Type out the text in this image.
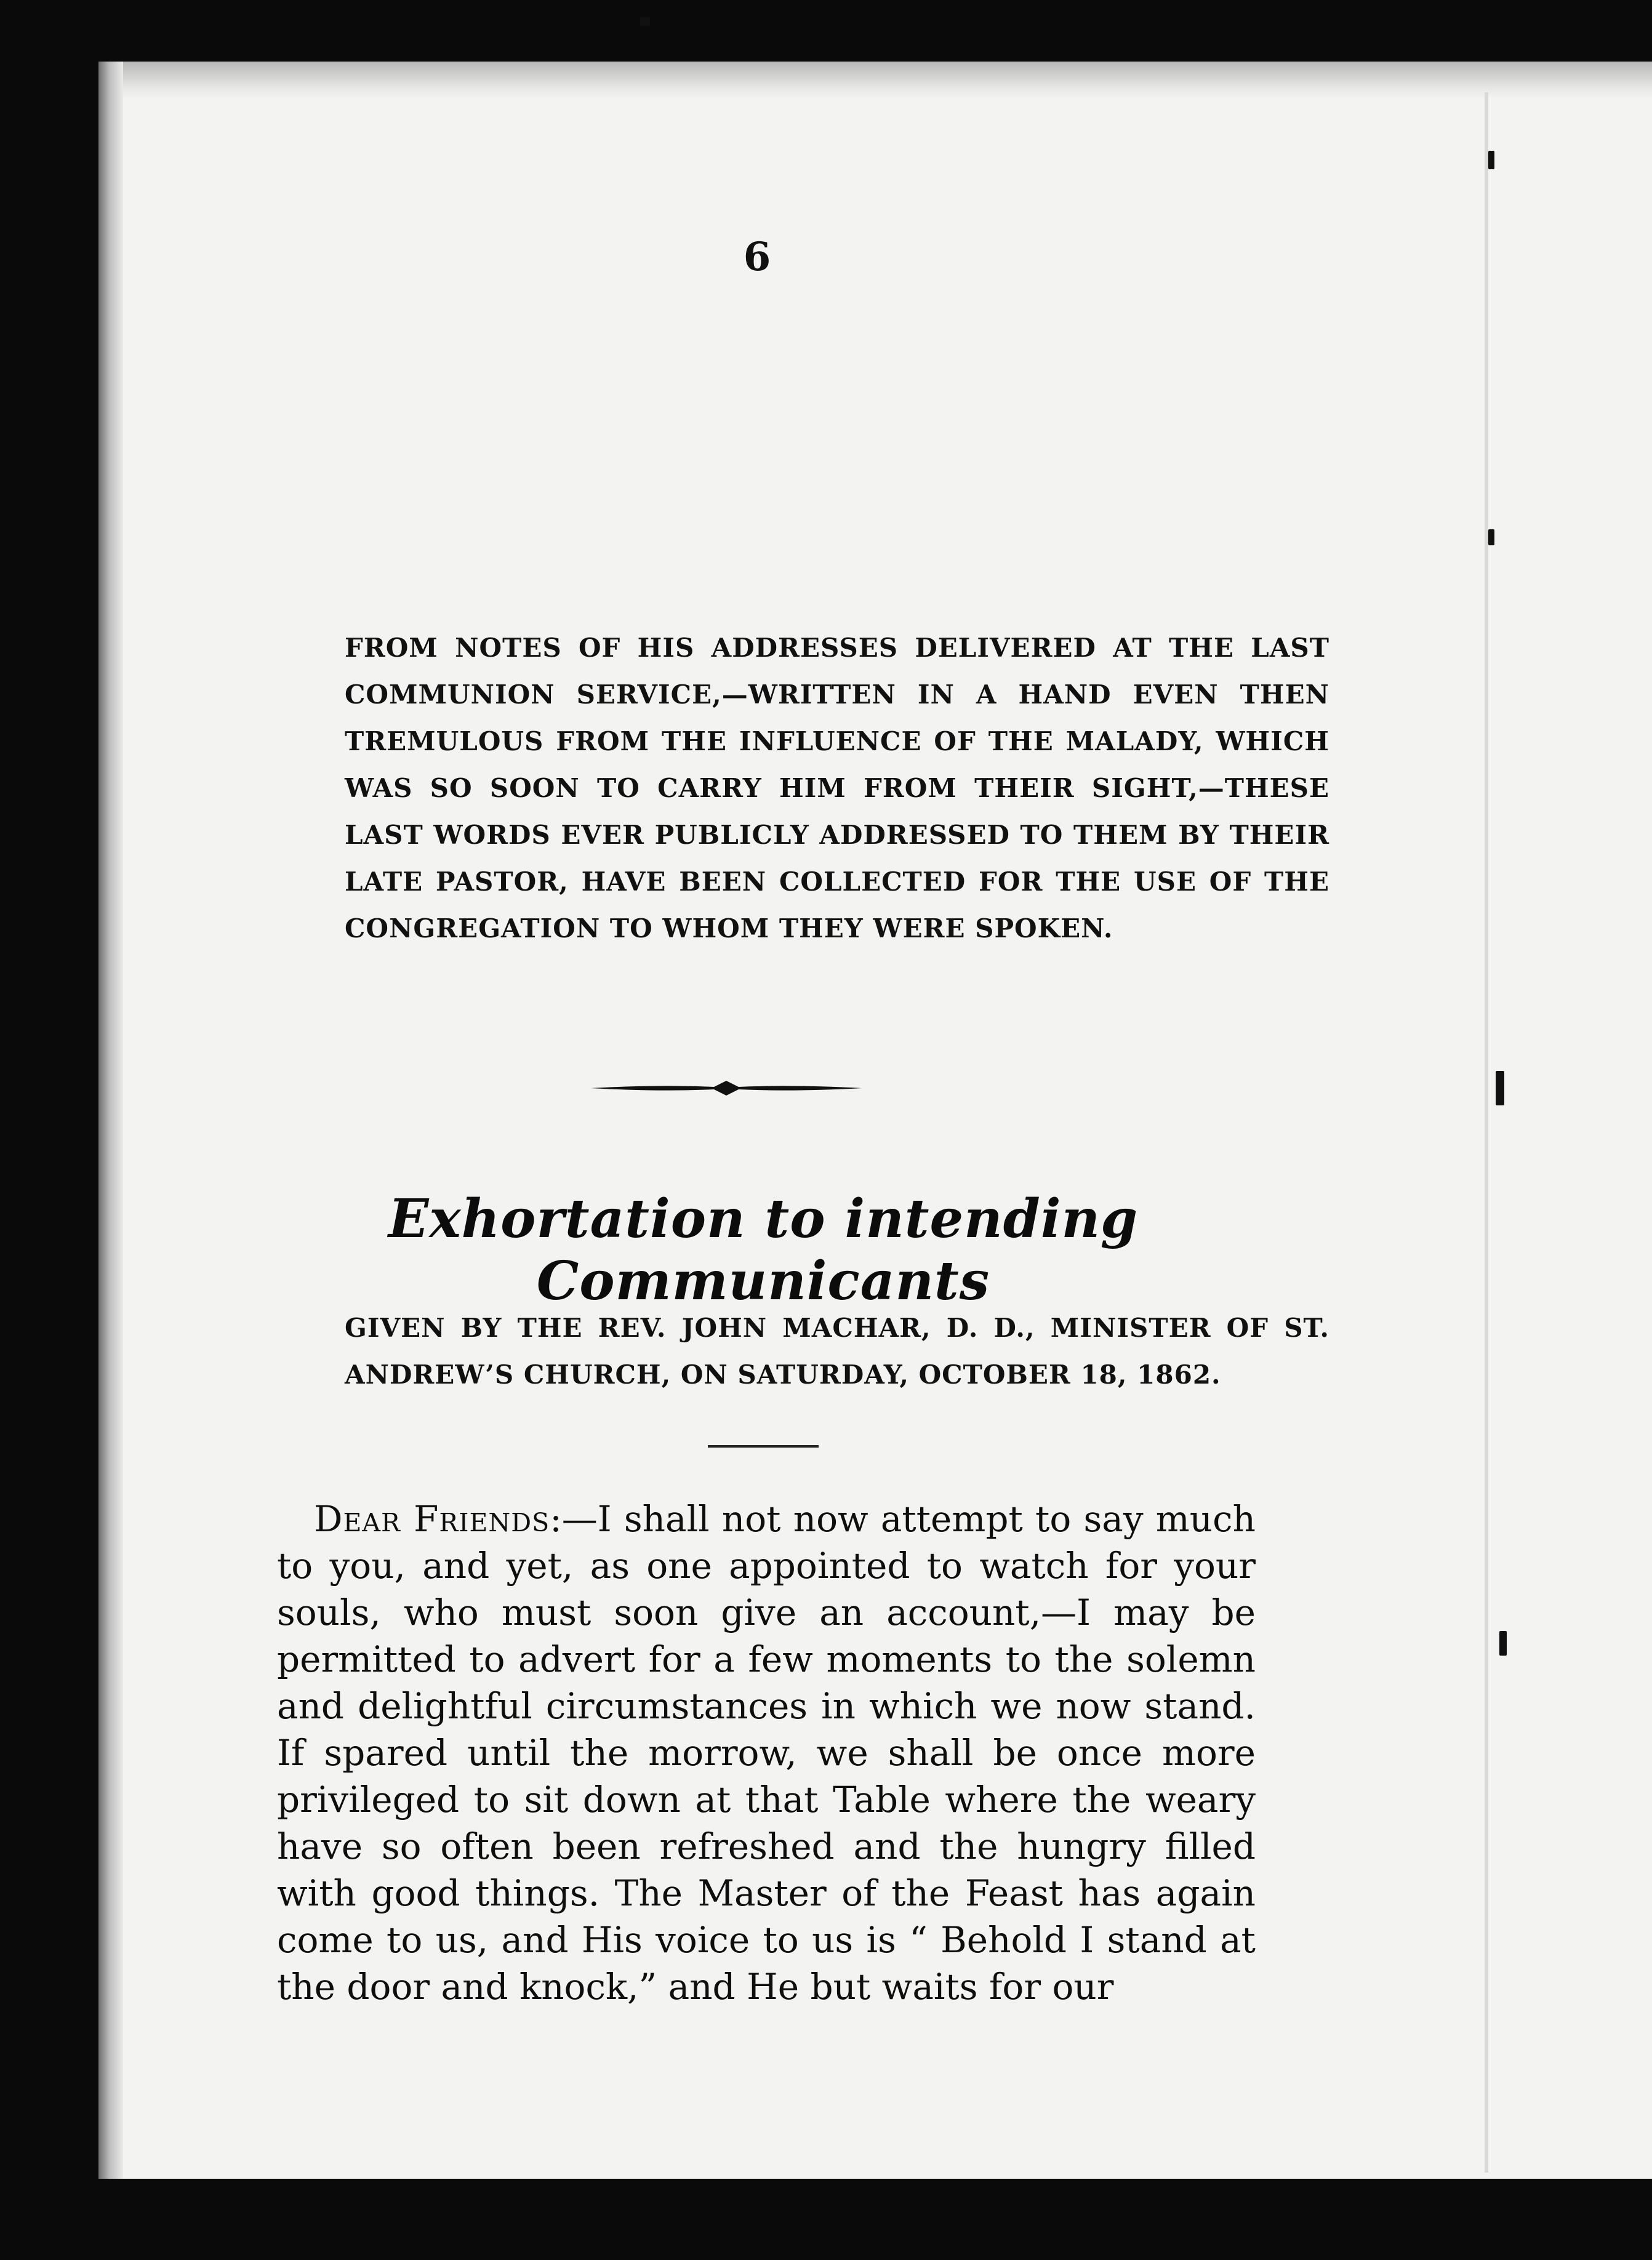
6
FROM NOTES OF HIS ADDRESSES DELIVERED AT THE LAST COMMUNION SERVICE,—WRITTEN IN A HAND EVEN THEN TREMULOUS FROM THE INFLUENCE OF THE MALADY, WHICH WAS SO SOON TO CARRY HIM FROM THEIR SIGHT,—THESE LAST WORDS EVER PUBLICLY ADDRESSED TO THEM BY THEIR LATE PASTOR, HAVE BEEN COLLECTED FOR THE USE OF THE CONGREGATION TO WHOM THEY WERE SPOKEN.
Exhortation to intending Communicants
GIVEN BY THE REV. JOHN MACHAR, D. D., MINISTER OF ST. ANDREW’S CHURCH, ON SATURDAY, OCTOBER 18, 1862.
Dear Friends:—I shall not now attempt to say much to you, and yet, as one appointed to watch for your souls, who must soon give an account,—I may be permitted to advert for a few moments to the solemn and delightful circumstances in which we now stand. If spared until the morrow, we shall be once more privileged to sit down at that Table where the weary have so often been refreshed and the hungry filled with good things. The Master of the Feast has again come to us, and His voice to us is “ Behold I stand at the door and knock,” and He but waits for our
